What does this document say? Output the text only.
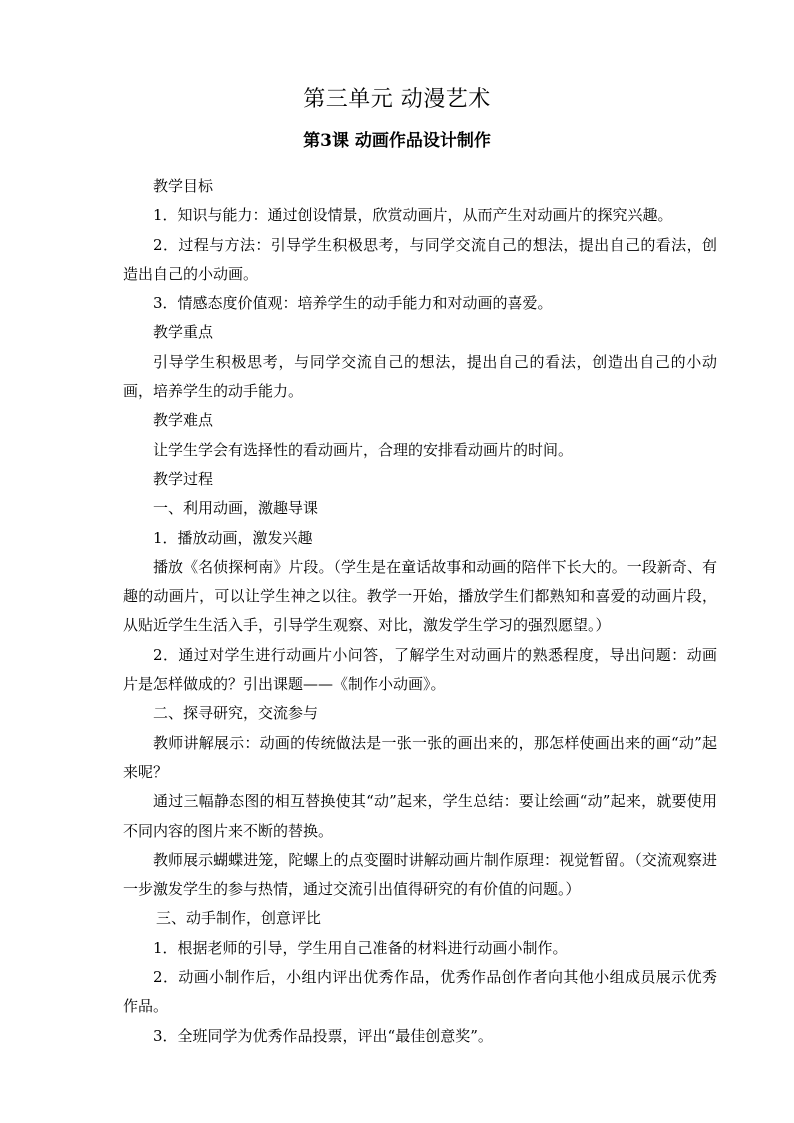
第三单元 动漫艺术
第3课 动画作品设计制作

教学目标

1．知识与能力：通过创设情景，欣赏动画片，从而产生对动画片的探究兴趣。

2．过程与方法：引导学生积极思考，与同学交流自己的想法，提出自己的看法，创造出自己的小动画。

3．情感态度价值观：培养学生的动手能力和对动画的喜爱。

教学重点

引导学生积极思考，与同学交流自己的想法，提出自己的看法，创造出自己的小动画，培养学生的动手能力。

教学难点

让学生学会有选择性的看动画片，合理的安排看动画片的时间。

教学过程

一、利用动画，激趣导课

1．播放动画，激发兴趣

播放《名侦探柯南》片段。（学生是在童话故事和动画的陪伴下长大的。一段新奇、有趣的动画片，可以让学生神之以往。教学一开始，播放学生们都熟知和喜爱的动画片段，从贴近学生生活入手，引导学生观察、对比，激发学生学习的强烈愿望。）

2．通过对学生进行动画片小问答，了解学生对动画片的熟悉程度，导出问题：动画片是怎样做成的？引出课题——《制作小动画》。

二、探寻研究，交流参与

教师讲解展示：动画的传统做法是一张一张的画出来的，那怎样使画出来的画“动”起来呢？

通过三幅静态图的相互替换使其“动”起来，学生总结：要让绘画“动”起来，就要使用不同内容的图片来不断的替换。

教师展示蝴蝶进笼，陀螺上的点变圈时讲解动画片制作原理：视觉暂留。（交流观察进一步激发学生的参与热情，通过交流引出值得研究的有价值的问题。）

三、动手制作，创意评比

1．根据老师的引导，学生用自己准备的材料进行动画小制作。

2．动画小制作后，小组内评出优秀作品，优秀作品创作者向其他小组成员展示优秀作品。

3．全班同学为优秀作品投票，评出“最佳创意奖”。
